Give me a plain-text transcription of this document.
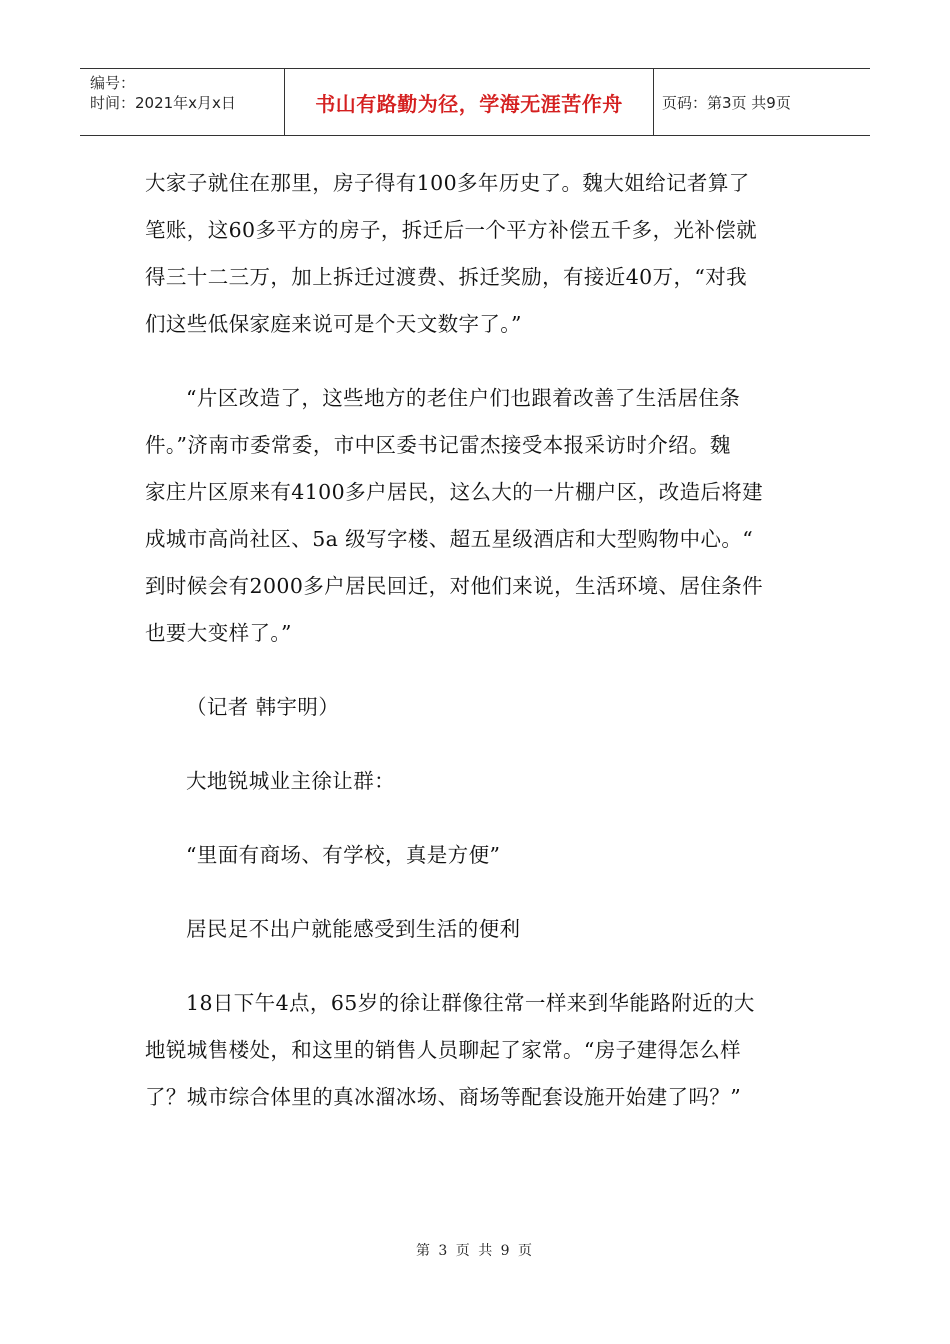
编号：
时间：2021年x月x日	书山有路勤为径，学海无涯苦作舟	页码：第3页 共9页

大家子就住在那里，房子得有100多年历史了。魏大姐给记者算了
笔账，这60多平方的房子，拆迁后一个平方补偿五千多，光补偿就
得三十二三万，加上拆迁过渡费、拆迁奖励，有接近40万，“对我
们这些低保家庭来说可是个天文数字了。”

“片区改造了，这些地方的老住户们也跟着改善了生活居住条
件。”济南市委常委，市中区委书记雷杰接受本报采访时介绍。魏
家庄片区原来有4100多户居民，这么大的一片棚户区，改造后将建
成城市高尚社区、5a 级写字楼、超五星级酒店和大型购物中心。“
到时候会有2000多户居民回迁，对他们来说，生活环境、居住条件
也要大变样了。”

（记者 韩宇明）

大地锐城业主徐让群：

“里面有商场、有学校，真是方便”

居民足不出户就能感受到生活的便利

18日下午4点，65岁的徐让群像往常一样来到华能路附近的大
地锐城售楼处，和这里的销售人员聊起了家常。“房子建得怎么样
了？城市综合体里的真冰溜冰场、商场等配套设施开始建了吗？”

第 3 页 共 9 页
